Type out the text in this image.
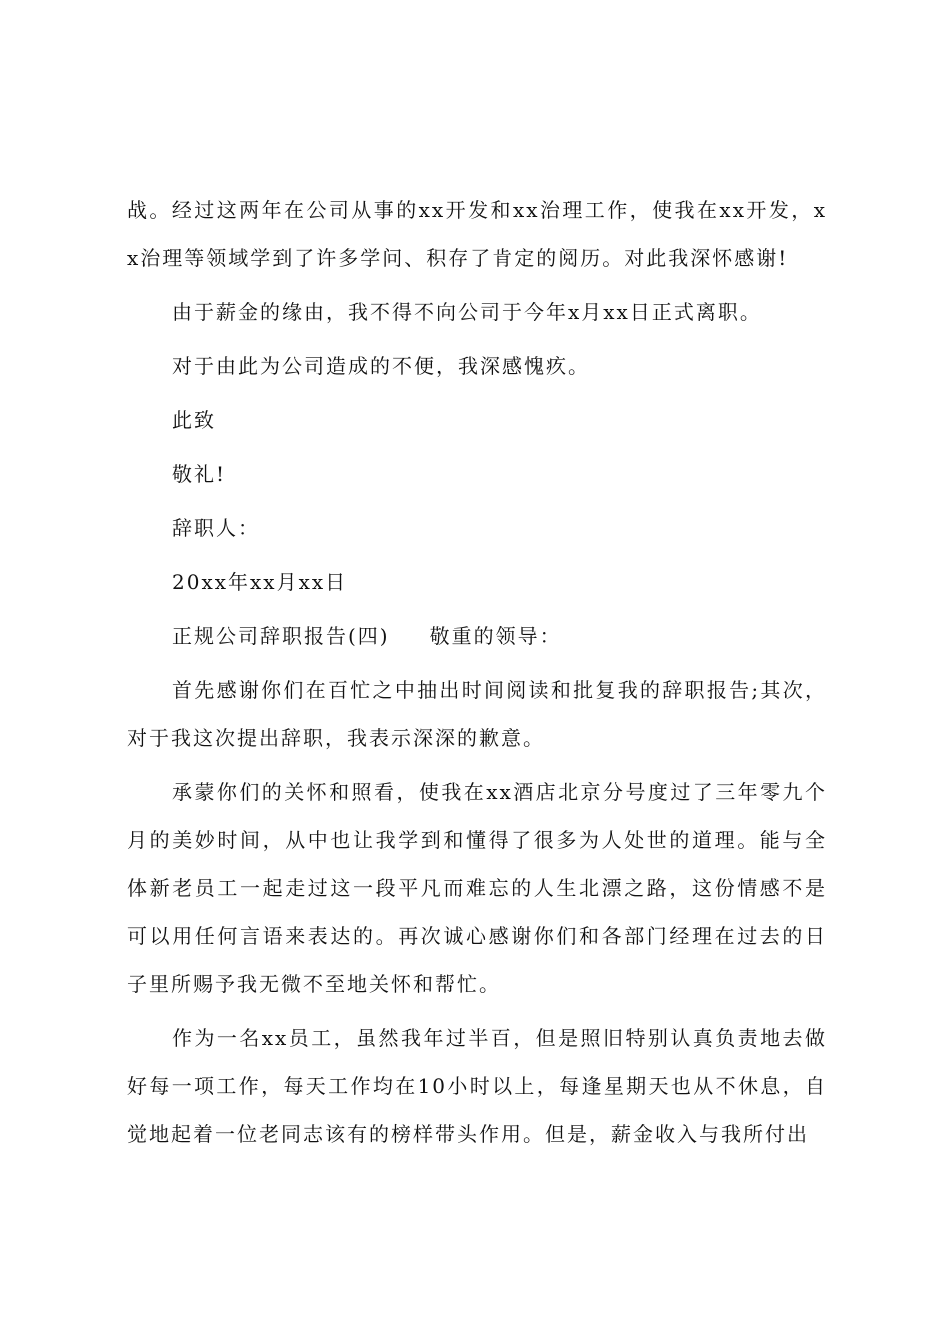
战。经过这两年在公司从事的xx开发和xx治理工作，使我在xx开发，xx治理等领域学到了许多学问、积存了肯定的阅历。对此我深怀感谢!

由于薪金的缘由，我不得不向公司于今年x月xx日正式离职。

对于由此为公司造成的不便，我深感愧疚。

此致

敬礼!

辞职人：

20xx年xx月xx日

正规公司辞职报告(四) 敬重的领导：

首先感谢你们在百忙之中抽出时间阅读和批复我的辞职报告;其次，对于我这次提出辞职，我表示深深的歉意。

承蒙你们的关怀和照看，使我在xx酒店北京分号度过了三年零九个月的美妙时间，从中也让我学到和懂得了很多为人处世的道理。能与全体新老员工一起走过这一段平凡而难忘的人生北漂之路，这份情感不是可以用任何言语来表达的。再次诚心感谢你们和各部门经理在过去的日子里所赐予我无微不至地关怀和帮忙。

作为一名xx员工，虽然我年过半百，但是照旧特别认真负责地去做好每一项工作，每天工作均在10小时以上，每逢星期天也从不休息，自觉地起着一位老同志该有的榜样带头作用。但是，薪金收入与我所付出
